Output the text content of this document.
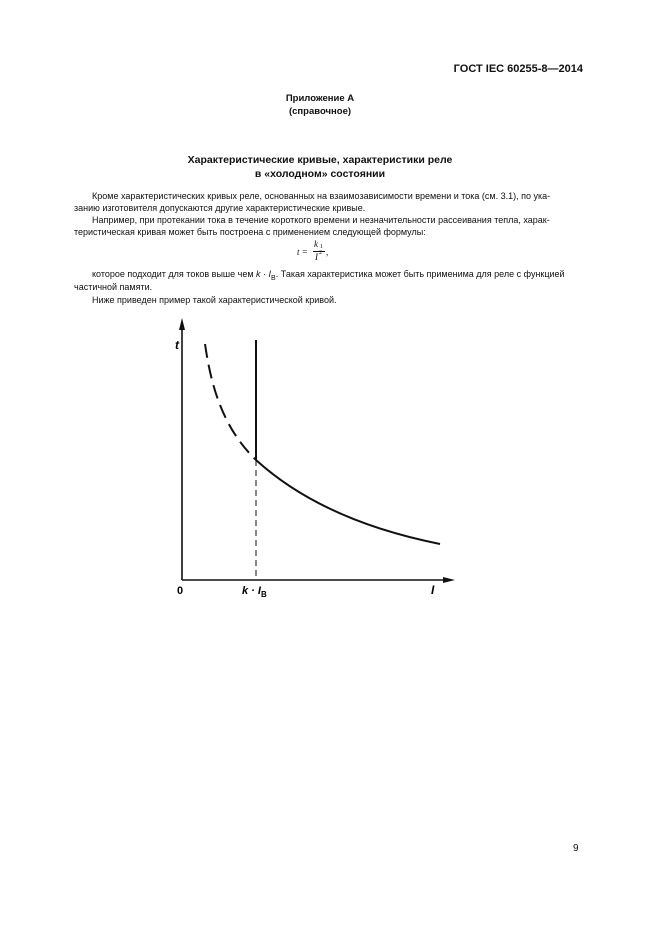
ГОСТ IEC 60255-8—2014
Приложение А
(справочное)
Характеристические кривые, характеристики реле
в «холодном» состоянии
Кроме характеристических кривых реле, основанных на взаимозависимости времени и тока (см. 3.1), по ука-
занию изготовителя допускаются другие характеристические кривые.
Например, при протекании тока в течение короткого времени и незначительности рассеивания тепла, харак-
теристическая кривая может быть построена с применением следующей формулы:
t =
k 1
I 2 ,
которое подходит для токов выше чем $k \cdot I_B$. Такая характеристика может быть применима для реле с функцией
частичной памяти.
Ниже приведен пример такой характеристической кривой.
t
0	$k \cdot I_B$	I
9
